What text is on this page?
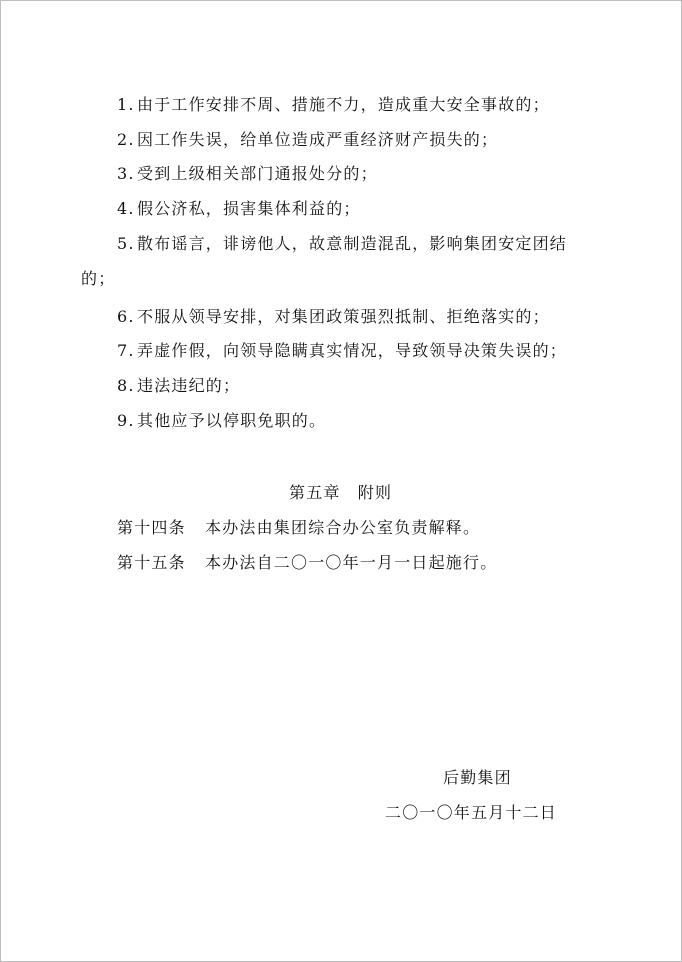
1. 由于工作安排不周、措施不力，造成重大安全事故的；
2. 因工作失误，给单位造成严重经济财产损失的；
3. 受到上级相关部门通报处分的；
4. 假公济私，损害集体利益的；
5. 散布谣言，诽谤他人，故意制造混乱，影响集团安定团结
的；
6. 不服从领导安排，对集团政策强烈抵制、拒绝落实的；
7. 弄虚作假，向领导隐瞒真实情况，导致领导决策失误的；
8. 违法违纪的；
9. 其他应予以停职免职的。
第五章　附则
第十四条 本办法由集团综合办公室负责解释。
第十五条 本办法自二〇一〇年一月一日起施行。
后勤集团
二〇一〇年五月十二日
